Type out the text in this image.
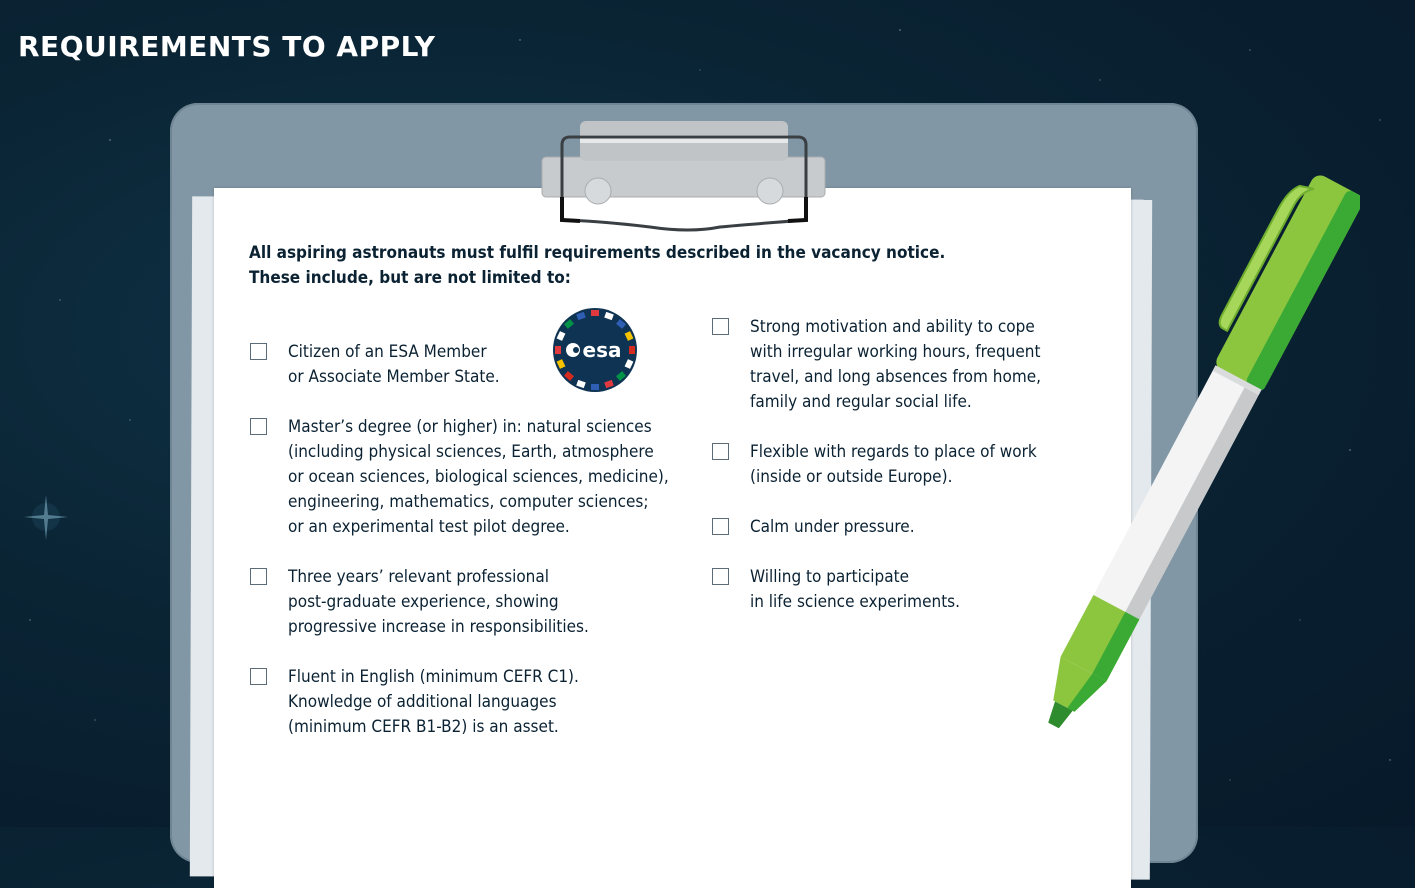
REQUIREMENTS TO APPLY
All aspiring astronauts must fulfil requirements described in the vacancy notice.
These include, but are not limited to:
esa
Citizen of an ESA Member
or Associate Member State.
Master’s degree (or higher) in: natural sciences
(including physical sciences, Earth, atmosphere
or ocean sciences, biological sciences, medicine),
engineering, mathematics, computer sciences;
or an experimental test pilot degree.
Three years’ relevant professional
post-graduate experience, showing
progressive increase in responsibilities.
Fluent in English (minimum CEFR C1).
Knowledge of additional languages
(minimum CEFR B1-B2) is an asset.
Strong motivation and ability to cope
with irregular working hours, frequent
travel, and long absences from home,
family and regular social life.
Flexible with regards to place of work
(inside or outside Europe).
Calm under pressure.
Willing to participate
in life science experiments.
